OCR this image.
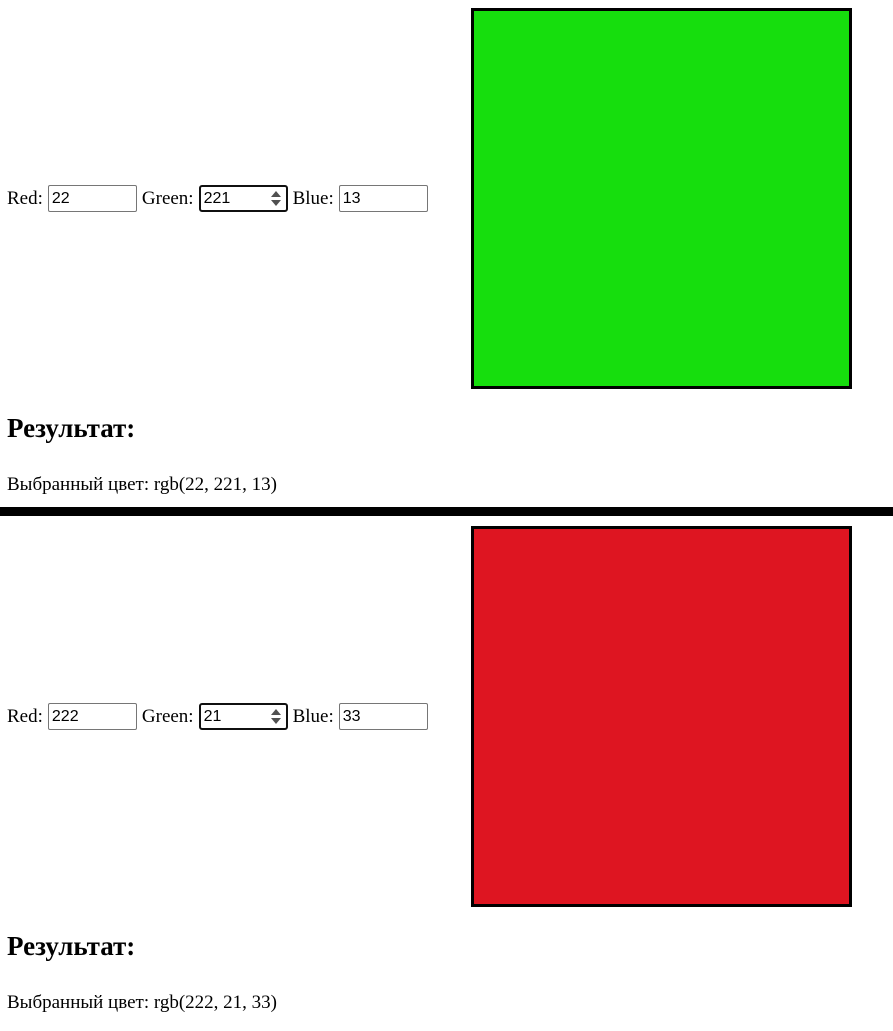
Red:
22	Green:
221	Blue:
13
Результат:

Выбранный цвет: rgb(22, 221, 13)

Red:
222	Green:
21	Blue:
33
Результат:

Выбранный цвет: rgb(222, 21, 33)
